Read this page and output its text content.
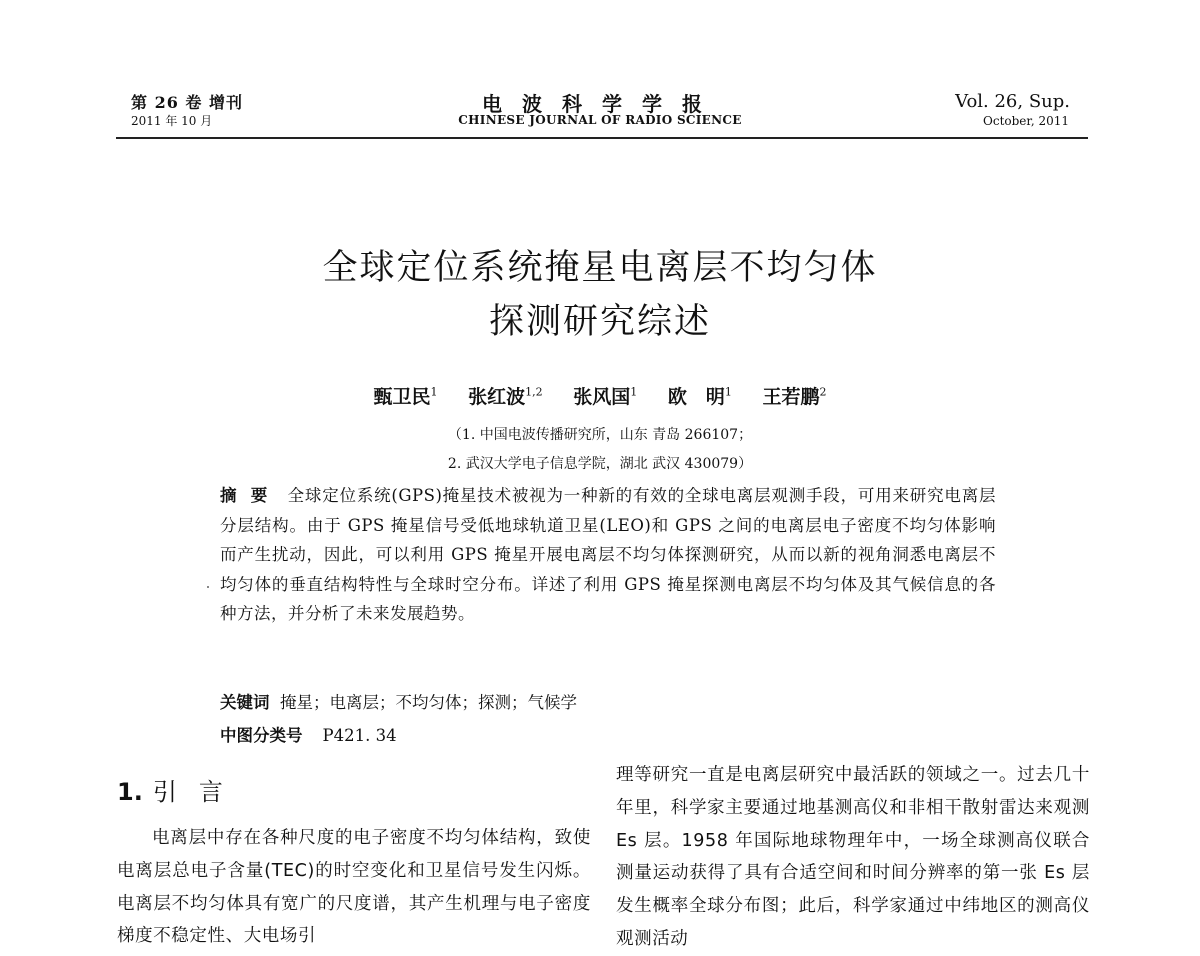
第 26 卷 增刊
2011 年 10 月
电波科学学报
CHINESE JOURNAL OF RADIO SCIENCE
Vol. 26, Sup.
October, 2011
全球定位系统掩星电离层不均匀体
探测研究综述
甄卫民$^1$ 张红波$^{1,2}$ 张风国$^1$ 欧　明$^1$ 王若鹏$^2$
（1. 中国电波传播研究所，山东 青岛 266107；
2. 武汉大学电子信息学院，湖北 武汉 430079）
摘要 全球定位系统(GPS)掩星技术被视为一种新的有效的全球电离层观测手段，可用来研究电离层分层结构。由于 GPS 掩星信号受低地球轨道卫星(LEO)和 GPS 之间的电离层电子密度不均匀体影响而产生扰动，因此，可以利用 GPS 掩星开展电离层不均匀体探测研究，从而以新的视角洞悉电离层不均匀体的垂直结构特性与全球时空分布。详述了利用 GPS 掩星探测电离层不均匀体及其气候信息的各种方法，并分析了未来发展趋势。
关键词 掩星；电离层；不均匀体；探测；气候学
中图分类号 P421. 34
1. 引言
电离层中存在各种尺度的电子密度不均匀体结构，致使电离层总电子含量(TEC)的时空变化和卫星信号发生闪烁。电离层不均匀体具有宽广的尺度谱，其产生机理与电子密度梯度不稳定性、大电场引
理等研究一直是电离层研究中最活跃的领域之一。过去几十年里，科学家主要通过地基测高仪和非相干散射雷达来观测 Es 层。1958 年国际地球物理年中，一场全球测高仪联合测量运动获得了具有合适空间和时间分辨率的第一张 Es 层发生概率全球分布图；此后，科学家通过中纬地区的测高仪观测活动
